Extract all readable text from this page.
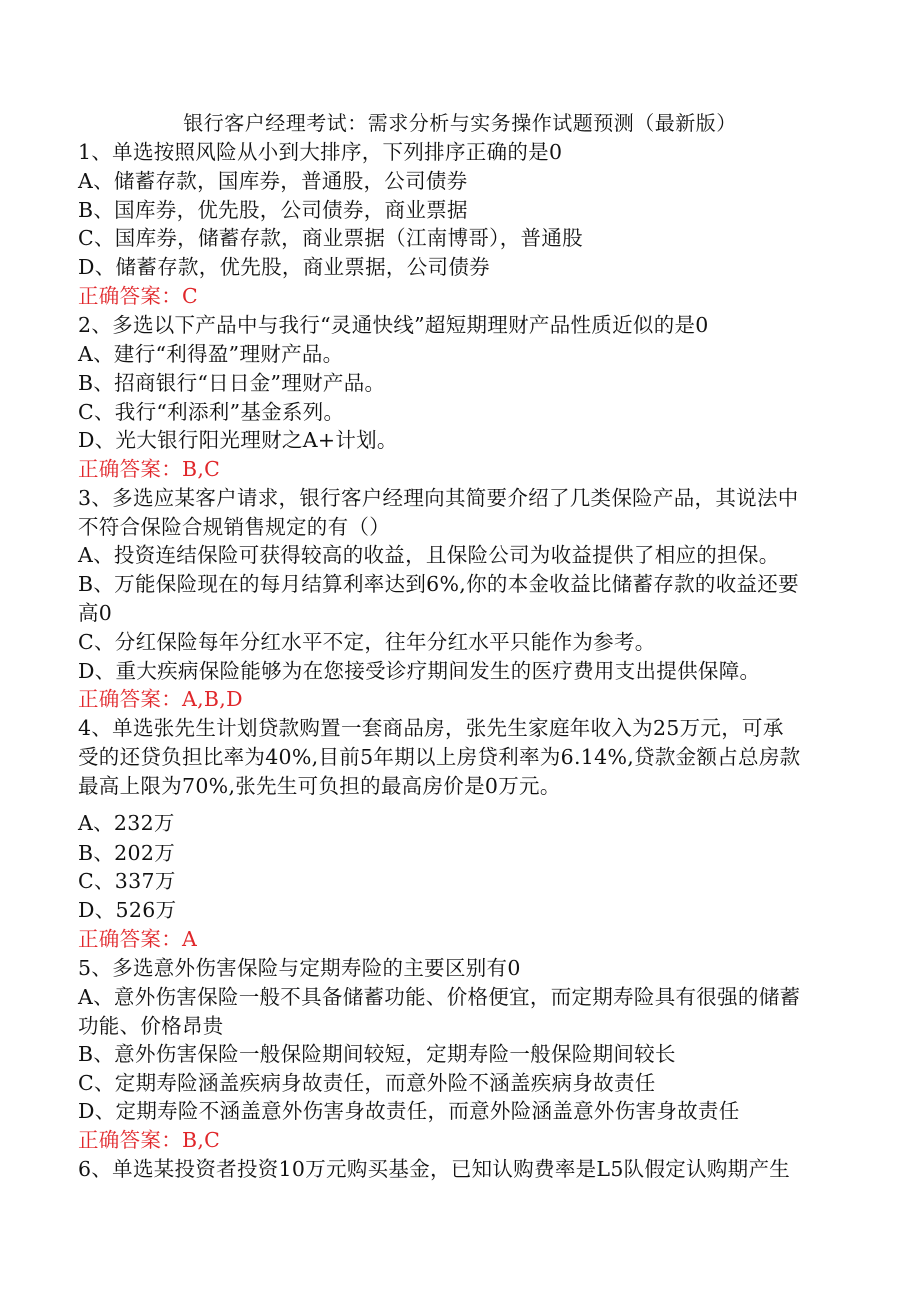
银行客户经理考试：需求分析与实务操作试题预测（最新版）
1、单选按照风险从小到大排序，下列排序正确的是0
A、储蓄存款，国库券，普通股，公司债券
B、国库券，优先股，公司债券，商业票据
C、国库券，储蓄存款，商业票据（江南博哥），普通股
D、储蓄存款，优先股，商业票据，公司债券
正确答案：C
2、多选以下产品中与我行“灵通快线”超短期理财产品性质近似的是0
A、建行“利得盈”理财产品。
B、招商银行“日日金”理财产品。
C、我行“利添利”基金系列。
D、光大银行阳光理财之A+计划。
正确答案：B,C
3、多选应某客户请求，银行客户经理向其简要介绍了几类保险产品，其说法中
不符合保险合规销售规定的有（）
A、投资连结保险可获得较高的收益，且保险公司为收益提供了相应的担保。
B、万能保险现在的每月结算利率达到6%,你的本金收益比储蓄存款的收益还要
高0
C、分红保险每年分红水平不定，往年分红水平只能作为参考。
D、重大疾病保险能够为在您接受诊疗期间发生的医疗费用支出提供保障。
正确答案：A,B,D
4、单选张先生计划贷款购置一套商品房，张先生家庭年收入为25万元，可承
受的还贷负担比率为40%,目前5年期以上房贷利率为6.14%,贷款金额占总房款
最高上限为70%,张先生可负担的最高房价是0万元。
A、232万
B、202万
C、337万
D、526万
正确答案：A
5、多选意外伤害保险与定期寿险的主要区别有0
A、意外伤害保险一般不具备储蓄功能、价格便宜，而定期寿险具有很强的储蓄
功能、价格昂贵
B、意外伤害保险一般保险期间较短，定期寿险一般保险期间较长
C、定期寿险涵盖疾病身故责任，而意外险不涵盖疾病身故责任
D、定期寿险不涵盖意外伤害身故责任，而意外险涵盖意外伤害身故责任
正确答案：B,C
6、单选某投资者投资10万元购买基金，已知认购费率是L5队假定认购期产生
